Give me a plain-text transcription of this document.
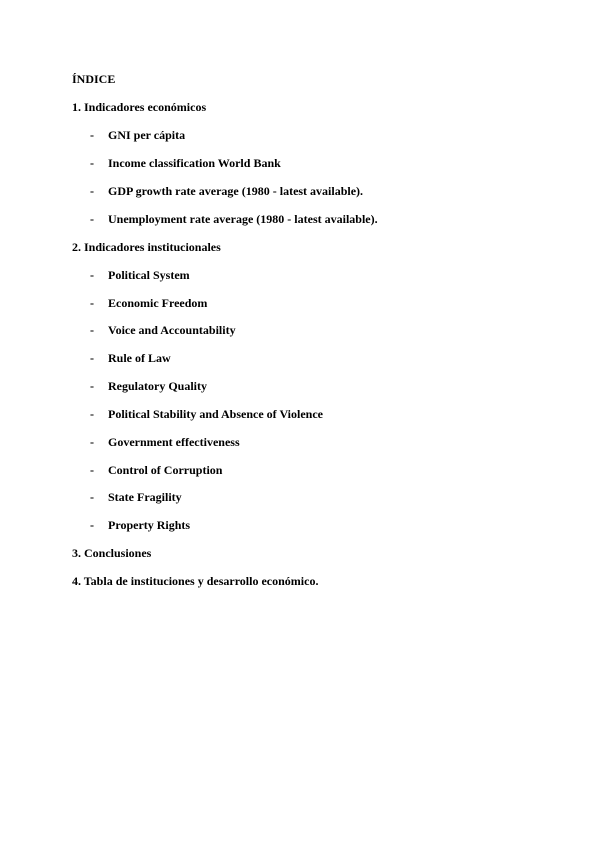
ÍNDICE
1. Indicadores económicos
- GNI per cápita
- Income classification World Bank
- GDP growth rate average (1980 - latest available).
- Unemployment rate average (1980 - latest available).
2. Indicadores institucionales
- Political System
- Economic Freedom
- Voice and Accountability
- Rule of Law
- Regulatory Quality
- Political Stability and Absence of Violence
- Government effectiveness
- Control of Corruption
- State Fragility
- Property Rights
3. Conclusiones
4. Tabla de instituciones y desarrollo económico.
